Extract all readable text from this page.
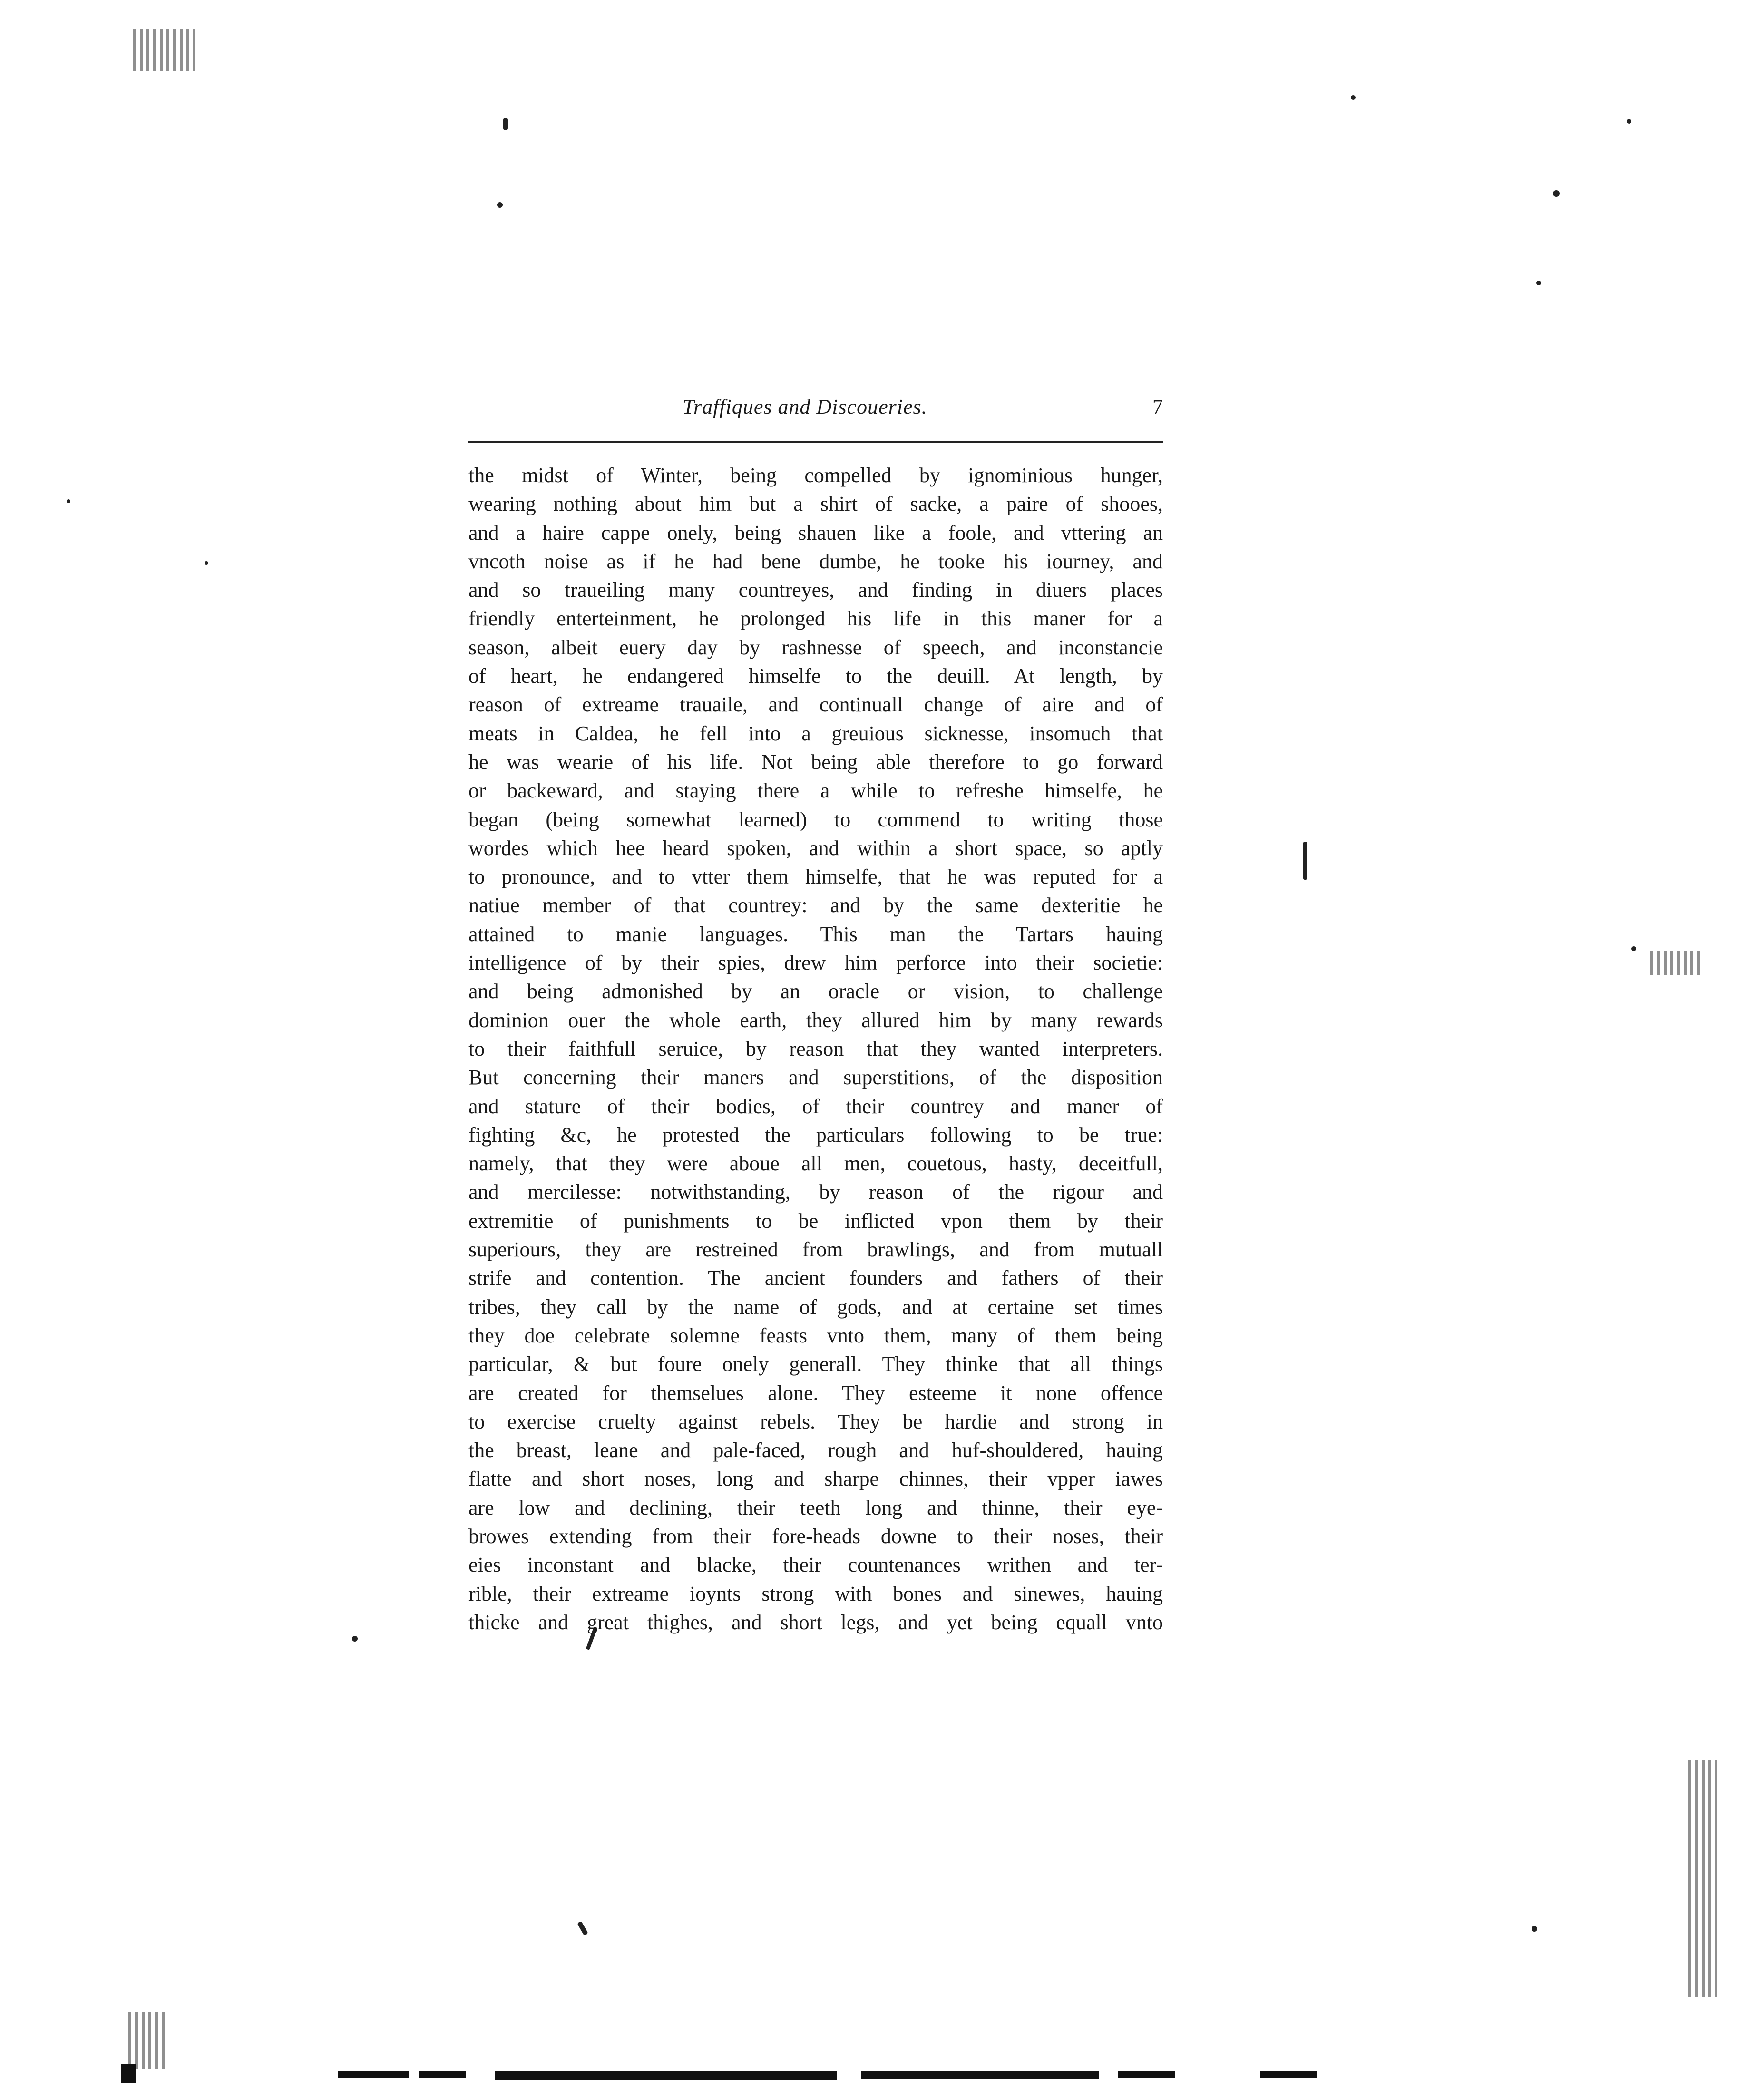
Traffiques and Discoueries.	7
the midst of Winter, being compelled by ignominious hunger,
wearing nothing about him but a shirt of sacke, a paire of shooes,
and a haire cappe onely, being shauen like a foole, and vttering an
vncoth noise as if he had bene dumbe, he tooke his iourney, and
and so traueiling many countreyes, and finding in diuers places
friendly enterteinment, he prolonged his life in this maner for a
season, albeit euery day by rashnesse of speech, and inconstancie
of heart, he endangered himselfe to the deuill. At length, by
reason of extreame trauaile, and continuall change of aire and of
meats in Caldea, he fell into a greuious sicknesse, insomuch that
he was wearie of his life. Not being able therefore to go forward
or backeward, and staying there a while to refreshe himselfe, he
began (being somewhat learned) to commend to writing those
wordes which hee heard spoken, and within a short space, so aptly
to pronounce, and to vtter them himselfe, that he was reputed for a
natiue member of that countrey: and by the same dexteritie he
attained to manie languages. This man the Tartars hauing
intelligence of by their spies, drew him perforce into their societie:
and being admonished by an oracle or vision, to challenge
dominion ouer the whole earth, they allured him by many rewards
to their faithfull seruice, by reason that they wanted interpreters.
But concerning their maners and superstitions, of the disposition
and stature of their bodies, of their countrey and maner of
fighting &c, he protested the particulars following to be true:
namely, that they were aboue all men, couetous, hasty, deceitfull,
and mercilesse: notwithstanding, by reason of the rigour and
extremitie of punishments to be inflicted vpon them by their
superiours, they are restreined from brawlings, and from mutuall
strife and contention. The ancient founders and fathers of their
tribes, they call by the name of gods, and at certaine set times
they doe celebrate solemne feasts vnto them, many of them being
particular, & but foure onely generall. They thinke that all things
are created for themselues alone. They esteeme it none offence
to exercise cruelty against rebels. They be hardie and strong in
the breast, leane and pale-faced, rough and huf-shouldered, hauing
flatte and short noses, long and sharpe chinnes, their vpper iawes
are low and declining, their teeth long and thinne, their eye-
browes extending from their fore-heads downe to their noses, their
eies inconstant and blacke, their countenances writhen and ter-
rible, their extreame ioynts strong with bones and sinewes, hauing
thicke and great thighes, and short legs, and yet being equall vnto
